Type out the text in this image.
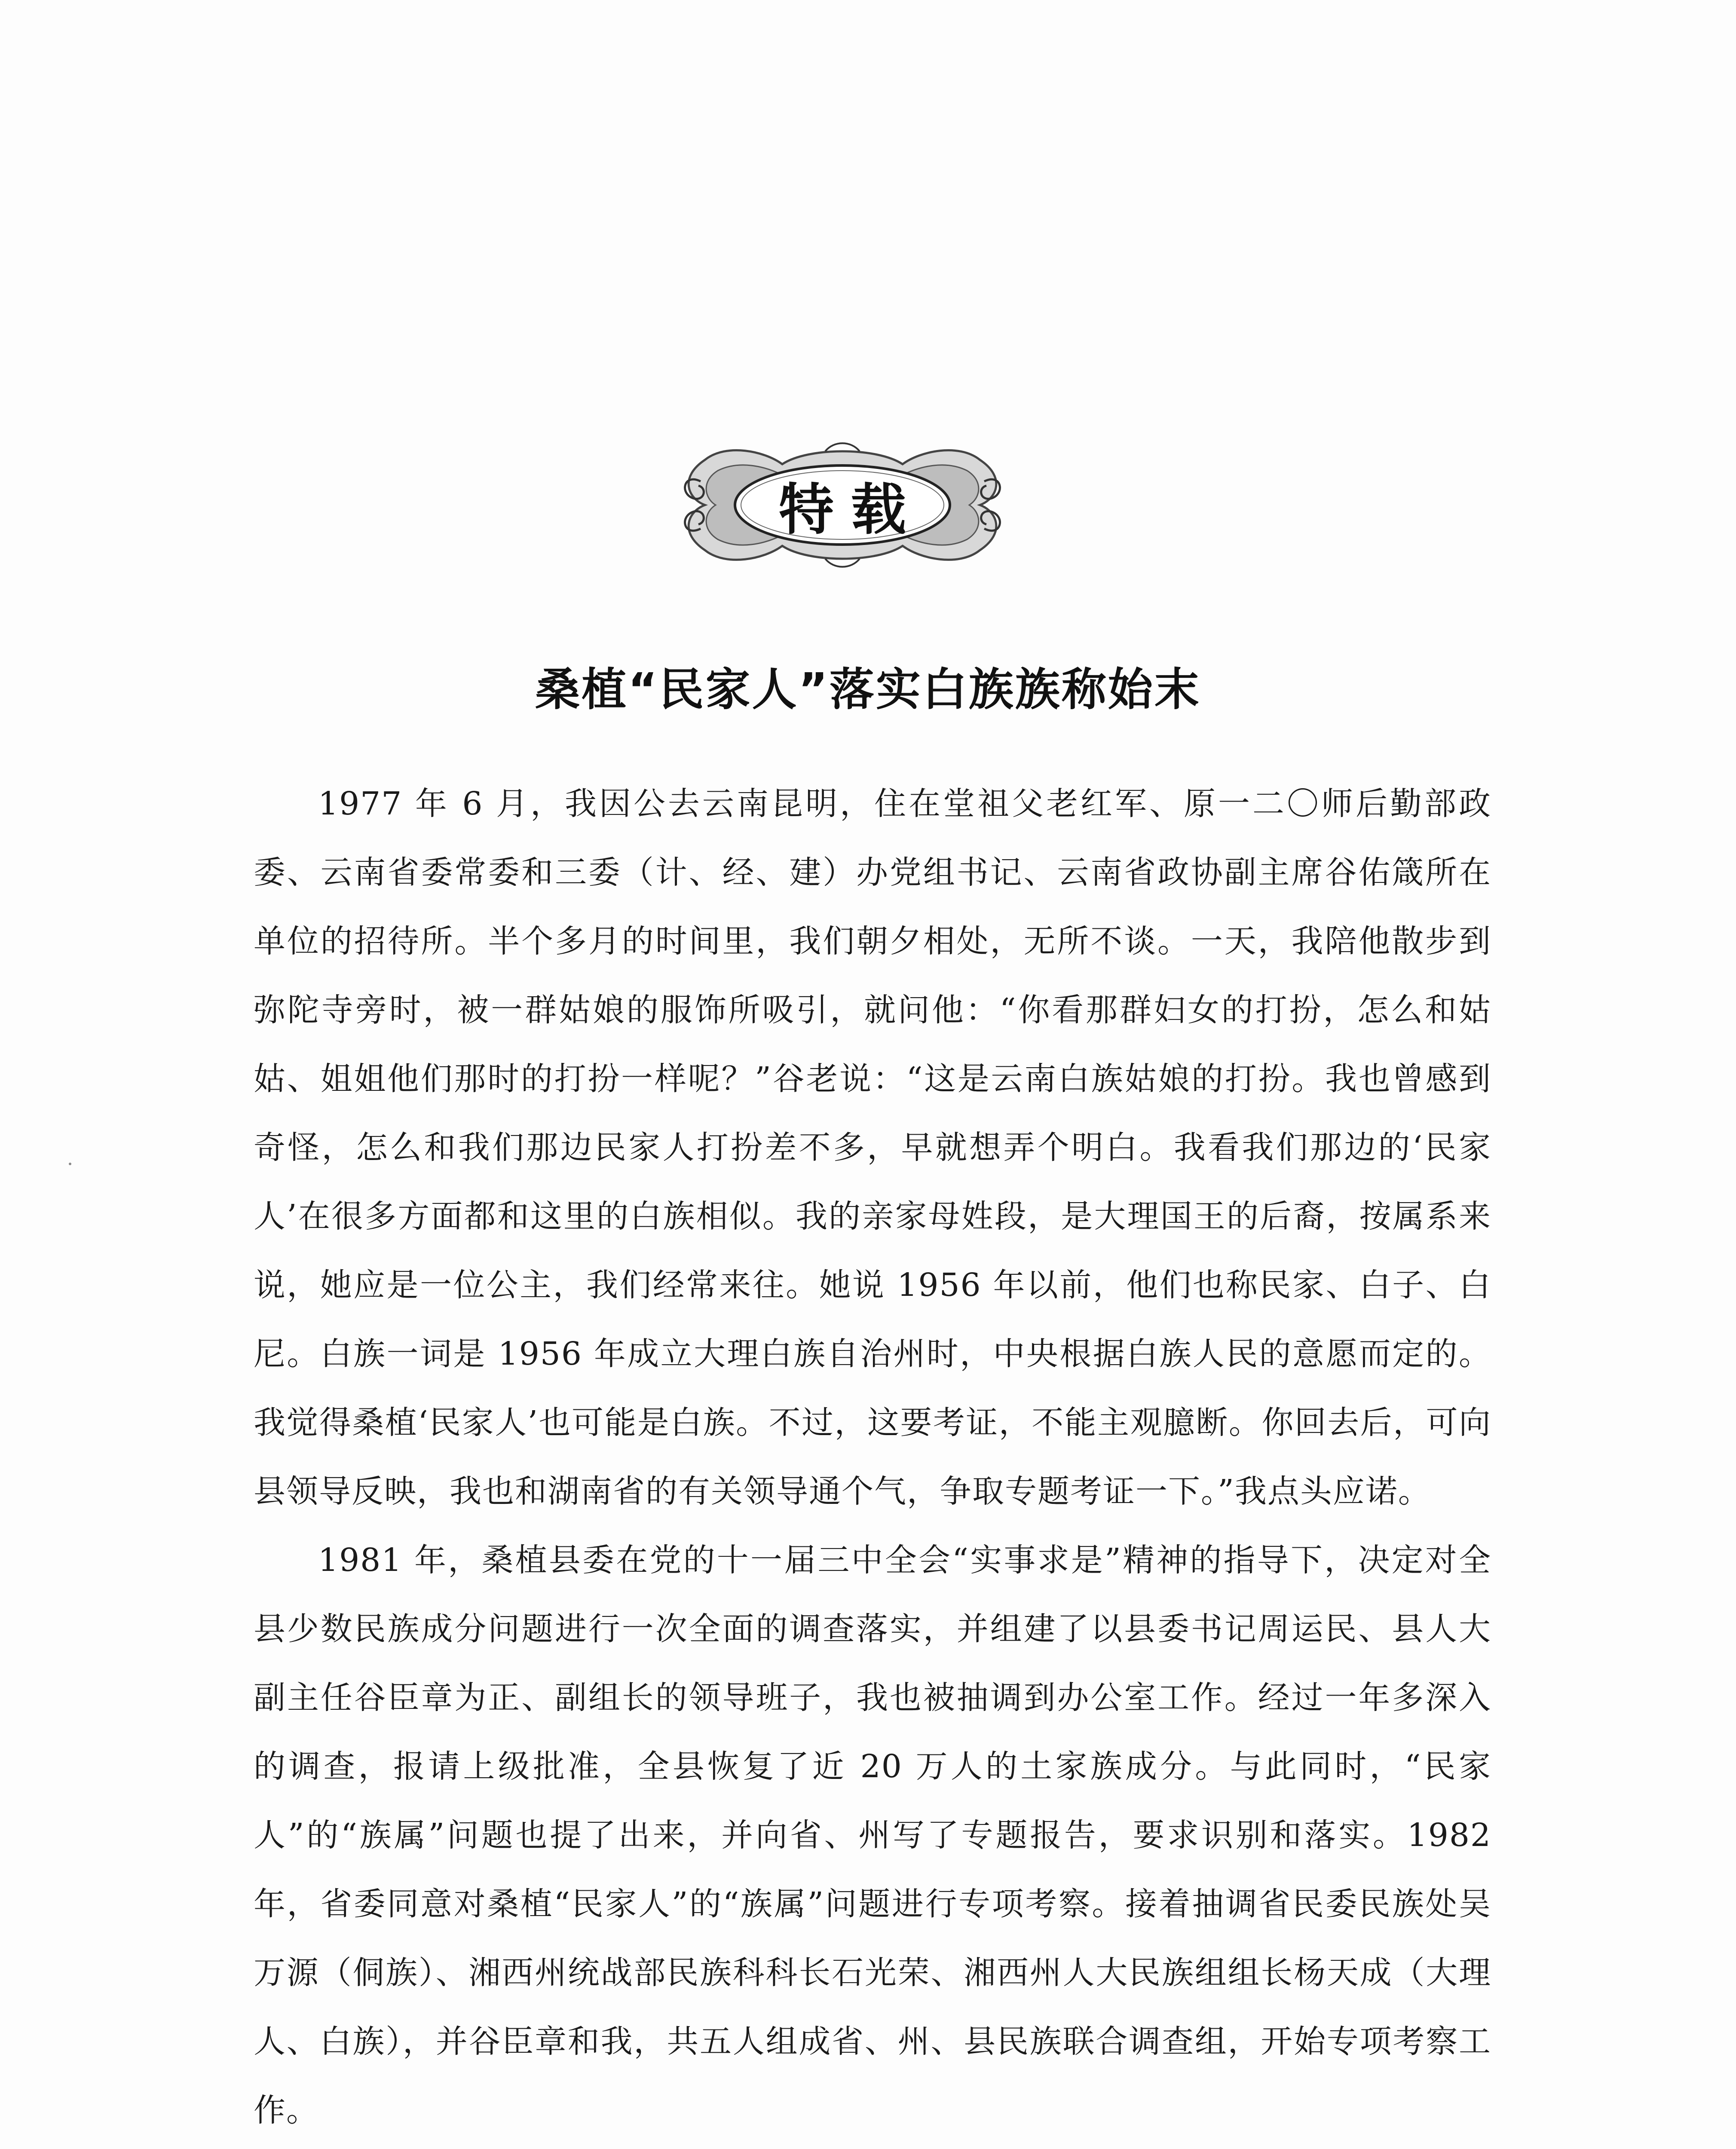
特载
桑植“民家人”落实白族族称始末

1977 年 6 月，我因公去云南昆明，住在堂祖父老红军、原一二〇师后勤部政委、云南省委常委和三委（计、经、建）办党组书记、云南省政协副主席谷佑箴所在单位的招待所。半个多月的时间里，我们朝夕相处，无所不谈。一天，我陪他散步到弥陀寺旁时，被一群姑娘的服饰所吸引，就问他：“你看那群妇女的打扮，怎么和姑姑、姐姐他们那时的打扮一样呢？”谷老说：“这是云南白族姑娘的打扮。我也曾感到奇怪，怎么和我们那边民家人打扮差不多，早就想弄个明白。我看我们那边的‘民家人’在很多方面都和这里的白族相似。我的亲家母姓段，是大理国王的后裔，按属系来说，她应是一位公主，我们经常来往。她说 1956 年以前，他们也称民家、白子、白尼。白族一词是 1956 年成立大理白族自治州时，中央根据白族人民的意愿而定的。我觉得桑植‘民家人’也可能是白族。不过，这要考证，不能主观臆断。你回去后，可向县领导反映，我也和湖南省的有关领导通个气，争取专题考证一下。”我点头应诺。

1981 年，桑植县委在党的十一届三中全会“实事求是”精神的指导下，决定对全县少数民族成分问题进行一次全面的调查落实，并组建了以县委书记周运民、县人大副主任谷臣章为正、副组长的领导班子，我也被抽调到办公室工作。经过一年多深入的调查，报请上级批准，全县恢复了近 20 万人的土家族成分。与此同时，“民家人”的“族属”问题也提了出来，并向省、州写了专题报告，要求识别和落实。1982 年，省委同意对桑植“民家人”的“族属”问题进行专项考察。接着抽调省民委民族处吴万源（侗族）、湘西州统战部民族科科长石光荣、湘西州人大民族组组长杨天成（大理人、白族），并谷臣章和我，共五人组成省、州、县民族联合调查组，开始专项考察工作。
